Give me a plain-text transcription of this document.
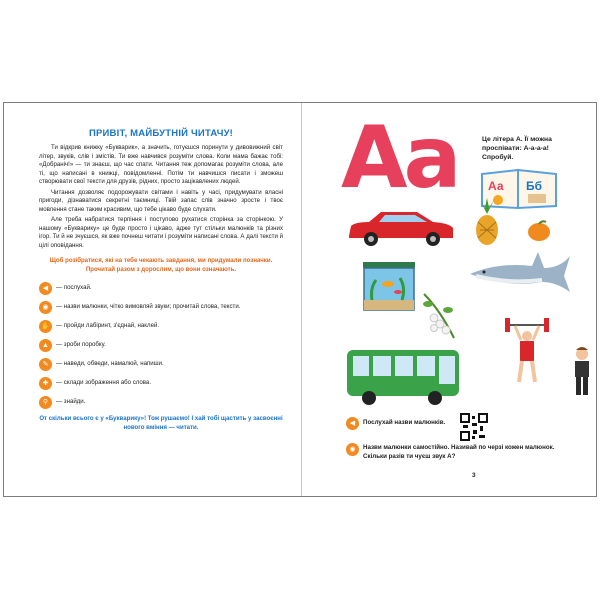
ПРИВІТ, МАЙБУТНІЙ ЧИТАЧУ!

Ти відкрив книжку «Букварик», а значить, готуєшся поринути у дивовижний світ літер, звуків, слів і змістів. Ти вже навчився розуміти слова. Коли мама бажає тобі: «Добраніч!» — ти знаєш, що час спати. Читання теж допомагає розуміти слова, але ті, що написані в книжці, повідомленні. Потім ти навчишся писати і зможеш створювати свої тексти для друзів, рідних, просто зацікавлених людей.

Читання дозволяє подорожувати світами і навіть у часі, придумувати власні пригоди, дізнаватися секретні таємниці. Твій запас слів значно зросте і твоє мовлення стане таким красивим, що тебе цікаво буде слухати.

Але треба набратися терпіння і поступово рухатися сторінка за сторінкою. У нашому «Букварику» це буде просто і цікаво, адже тут стільки малюнків та різних ігор. Ти й не зчуєшся, як вже почнеш читати і розуміти написані слова. А далі тексти й цілі оповідання.

Щоб розібратися, які на тебе чекають завдання, ми придумали позначки. Прочитай разом з дорослим, що вони означають.
◀	— послухай.
◉	— назви малюнки, чітко вимовляй звуки; прочитай слова, тексти.
✋	— пройди лабіринт, з'єднай, наклей.
▲	— зроби поробку.
✎	— наведи, обведи, намалюй, напиши.
✚	— склади зображення або слова.
⚲	— знайди.
От скільки всього є у «Букварику»! Тож рушаємо! І хай тобі щастить у засвоєнні нового вміння — читати.
Aa	Це літера А. Її можна проспівати: А-а-а-а! Спробуй.
Аа Бб
◀	Послухай назви малюнків.
◉	Назви малюнки самостійно. Називай по черзі кожен малюнок. Скільки разів ти чуєш звук А?
3
